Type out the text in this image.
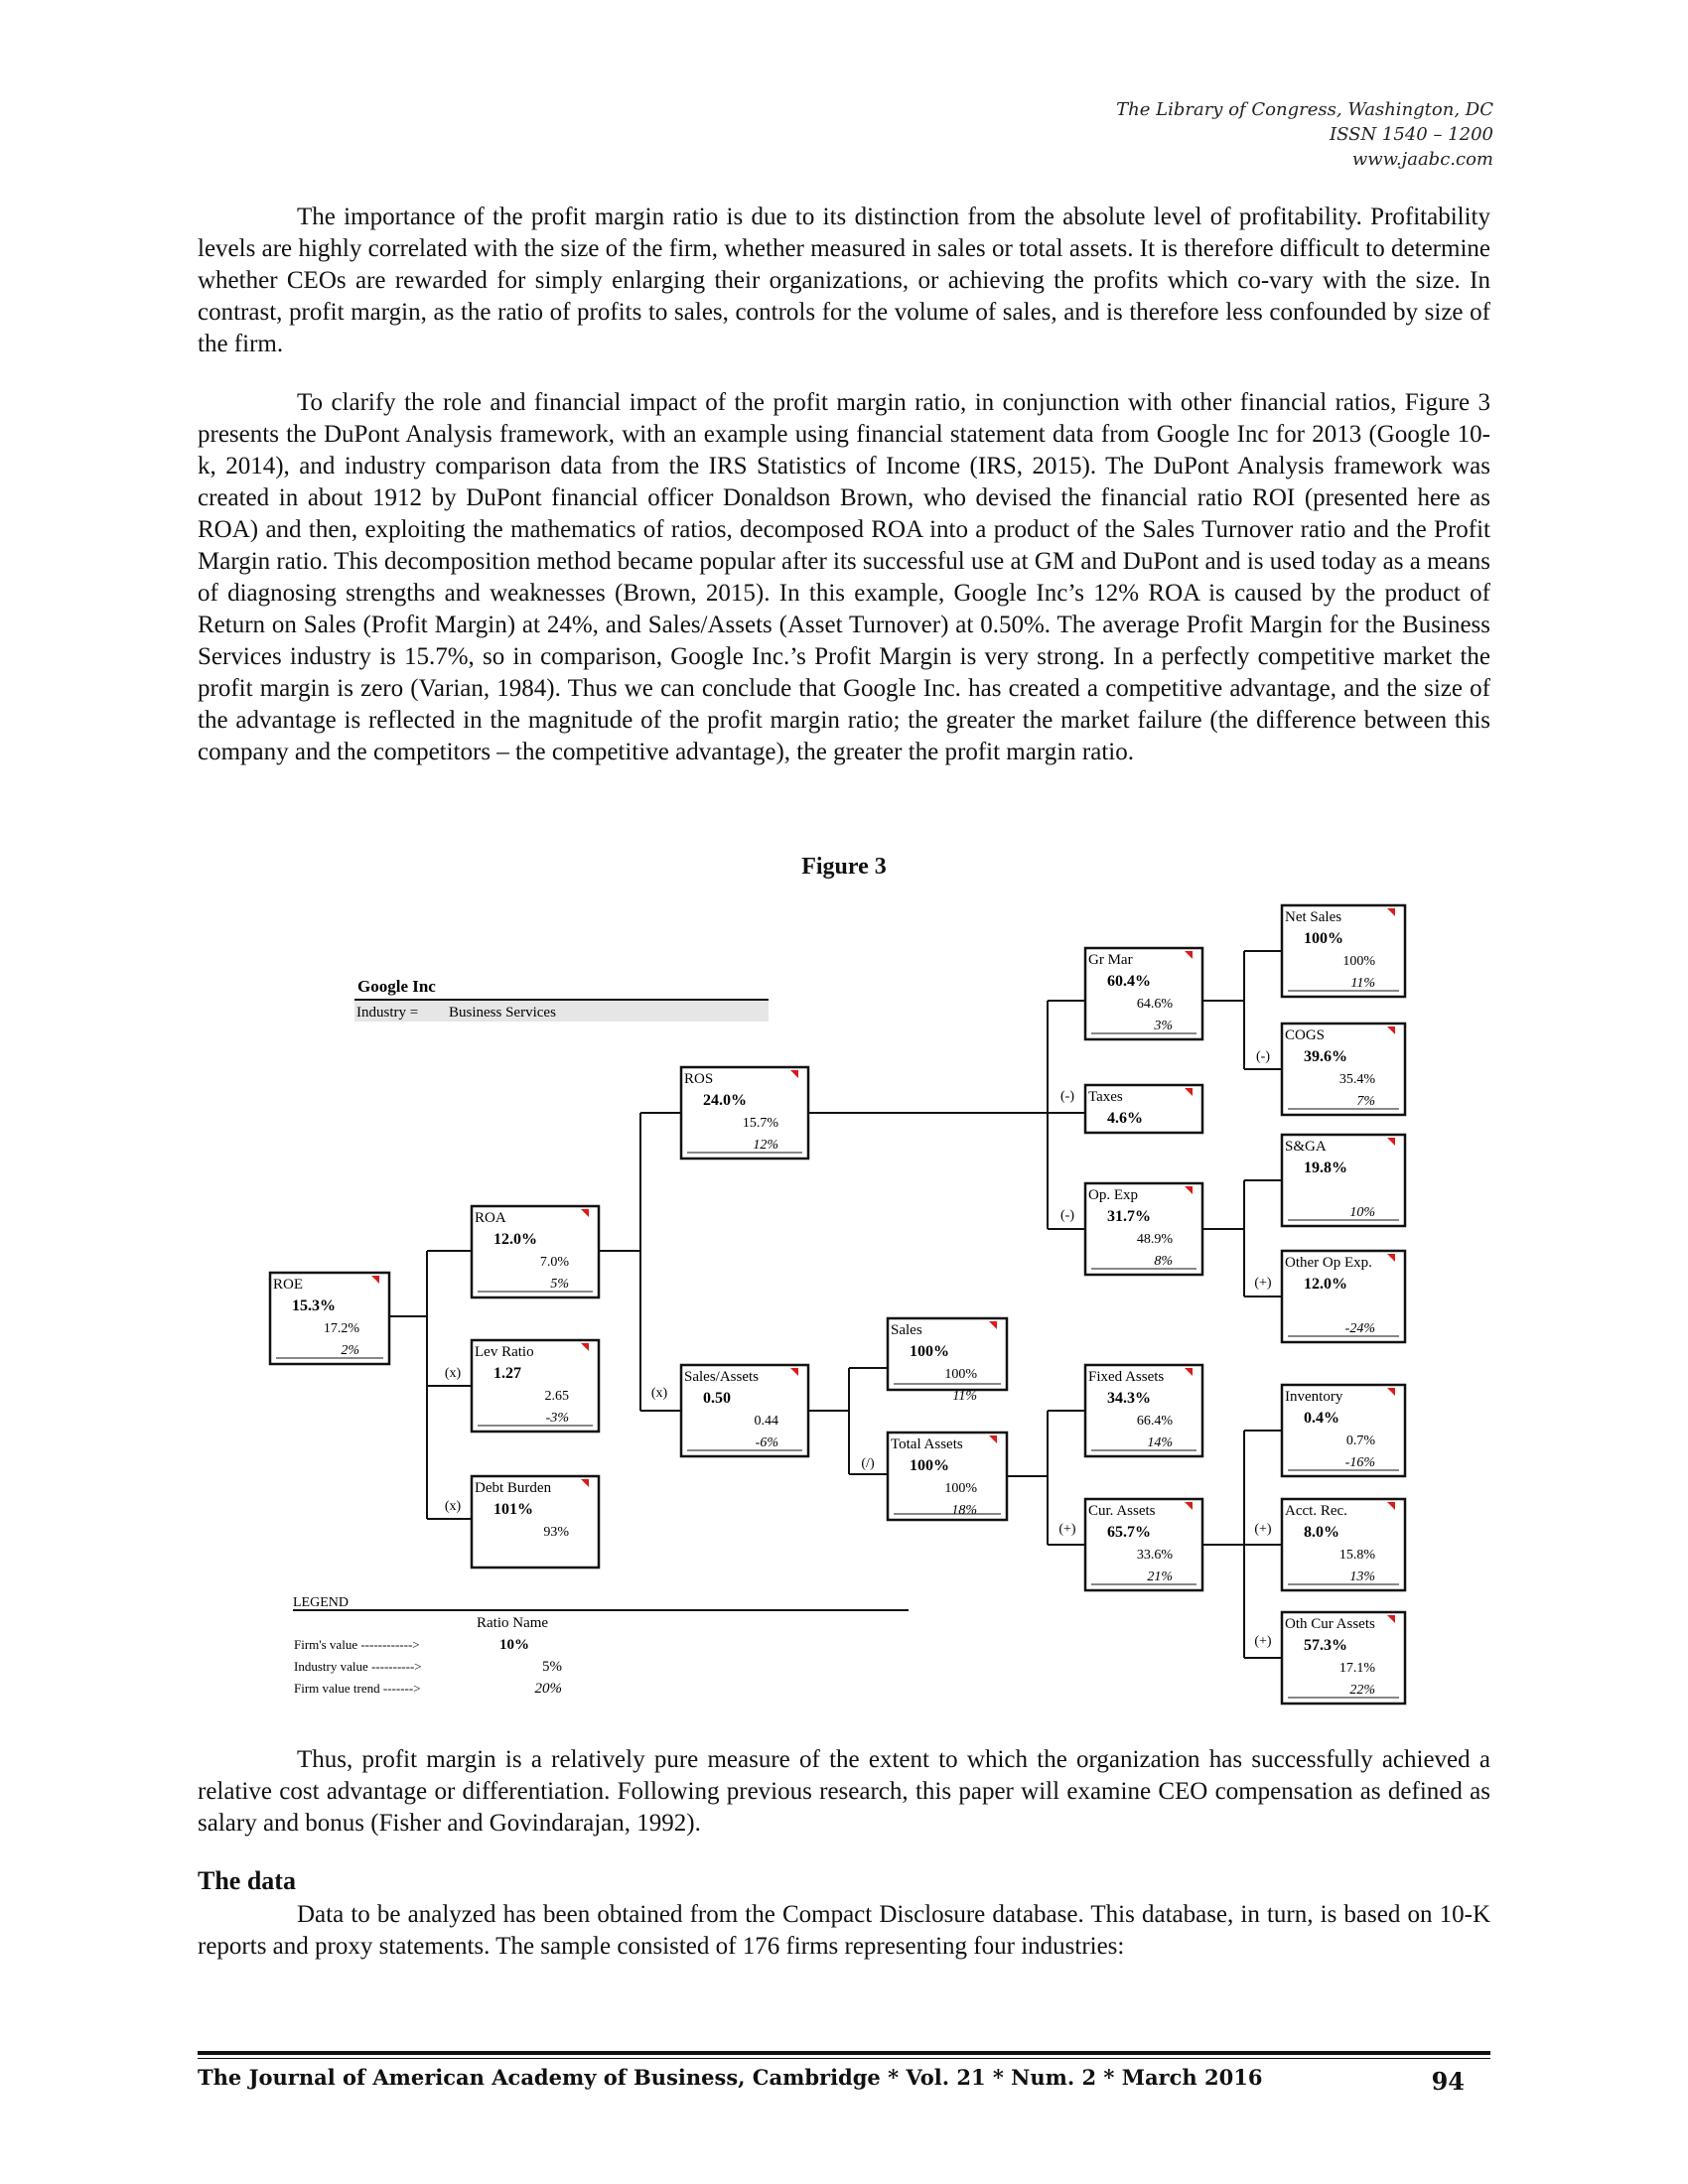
The Library of Congress, Washington, DC
ISSN 1540 – 1200
www.jaabc.com

The importance of the profit margin ratio is due to its distinction from the absolute level of profitability. Profitability levels are highly correlated with the size of the firm, whether measured in sales or total assets. It is therefore difficult to determine whether CEOs are rewarded for simply enlarging their organizations, or achieving the profits which co-vary with the size. In contrast, profit margin, as the ratio of profits to sales, controls for the volume of sales, and is therefore less confounded by size of the firm.

To clarify the role and financial impact of the profit margin ratio, in conjunction with other financial ratios, Figure 3 presents the DuPont Analysis framework, with an example using financial statement data from Google Inc for 2013 (Google 10-k, 2014), and industry comparison data from the IRS Statistics of Income (IRS, 2015). The DuPont Analysis framework was created in about 1912 by DuPont financial officer Donaldson Brown, who devised the financial ratio ROI (presented here as ROA) and then, exploiting the mathematics of ratios, decomposed ROA into a product of the Sales Turnover ratio and the Profit Margin ratio. This decomposition method became popular after its successful use at GM and DuPont and is used today as a means of diagnosing strengths and weaknesses (Brown, 2015). In this example, Google Inc’s 12% ROA is caused by the product of Return on Sales (Profit Margin) at 24%, and Sales/Assets (Asset Turnover) at 0.50%. The average Profit Margin for the Business Services industry is 15.7%, so in comparison, Google Inc.’s Profit Margin is very strong. In a perfectly competitive market the profit margin is zero (Varian, 1984). Thus we can conclude that Google Inc. has created a competitive advantage, and the size of the advantage is reflected in the magnitude of the profit margin ratio; the greater the market failure (the difference between this company and the competitors – the competitive advantage), the greater the profit margin ratio.

Figure 3
Google Inc
Industry = Business Services
ROE
15.3%
17.2%
2%
ROA
12.0%
7.0%
5%
Lev Ratio
1.27
2.65
-3%
(x)
Debt Burden
101%
93%
(x)
ROS
24.0%
15.7%
12%
Sales/Assets
0.50
0.44
-6%
(x)
Sales
100%
100%
11%
Total Assets
100%
100%
18%
(/)
Gr Mar
60.4%
64.6%
3%
Taxes
4.6%
(-)
Op. Exp
31.7%
48.9%
8%
(-)
Fixed Assets
34.3%
66.4%
14%
Cur. Assets
65.7%
33.6%
21%
(+)
Net Sales
100%
100%
11%
COGS
39.6%
35.4%
7%
(-)
S&GA
19.8%
10%
Other Op Exp.
12.0%
-24%
(+)
Inventory
0.4%
0.7%
-16%
Acct. Rec.
8.0%
15.8%
13%
(+)
Oth Cur Assets
57.3%
17.1%
22%
(+)
LEGEND
Ratio Name
Firm's value ------------>	10%
Industry value ---------->	5%
Firm value trend ------->	20%

Thus, profit margin is a relatively pure measure of the extent to which the organization has successfully achieved a relative cost advantage or differentiation. Following previous research, this paper will examine CEO compensation as defined as salary and bonus (Fisher and Govindarajan, 1992).

The data

Data to be analyzed has been obtained from the Compact Disclosure database. This database, in turn, is based on 10-K reports and proxy statements. The sample consisted of 176 firms representing four industries:

The Journal of American Academy of Business, Cambridge * Vol. 21 * Num. 2 * March 2016	94
